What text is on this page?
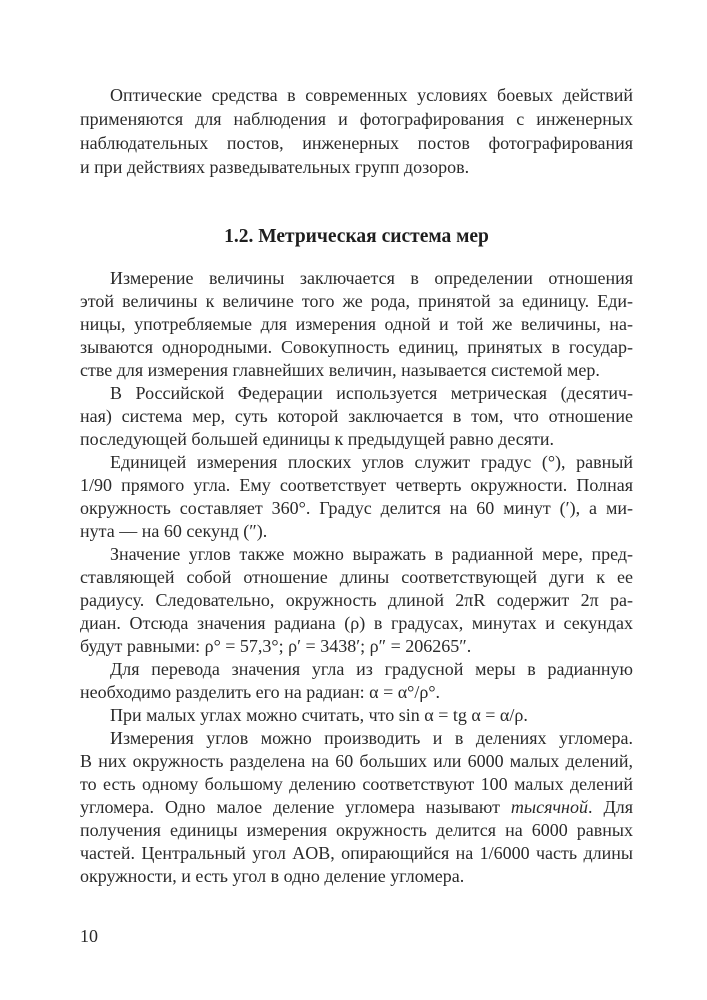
Оптические средства в современных условиях боевых действий
применяются для наблюдения и фотографирования с инженерных
наблюдательных постов, инженерных постов фотографирования
и при действиях разведывательных групп дозоров.
1.2. Метрическая система мер
Измерение величины заключается в определении отношения
этой величины к величине того же рода, принятой за единицу. Еди-
ницы, употребляемые для измерения одной и той же величины, на-
зываются однородными. Совокупность единиц, принятых в государ-
стве для измерения главнейших величин, называется системой мер.
В Российской Федерации используется метрическая (десятич-
ная) система мер, суть которой заключается в том, что отношение
последующей большей единицы к предыдущей равно десяти.
Единицей измерения плоских углов служит градус (°), равный
1/90 прямого угла. Ему соответствует четверть окружности. Полная
окружность составляет 360°. Градус делится на 60 минут (′), а ми-
нута — на 60 секунд (″).
Значение углов также можно выражать в радианной мере, пред-
ставляющей собой отношение длины соответствующей дуги к ее
радиусу. Следовательно, окружность длиной 2πR содержит 2π ра-
диан. Отсюда значения радиана (ρ) в градусах, минутах и секундах
будут равными: ρ° = 57,3°; ρ′ = 3438′; ρ″ = 206265″.
Для перевода значения угла из градусной меры в радианную
необходимо разделить его на радиан: α = α°/ρ°.
При малых углах можно считать, что sin α = tg α = α/ρ.
Измерения углов можно производить и в делениях угломера.
В них окружность разделена на 60 больших или 6000 малых делений,
то есть одному большому делению соответствуют 100 малых делений
угломера. Одно малое деление угломера называют тысячной. Для
получения единицы измерения окружность делится на 6000 равных
частей. Центральный угол AOB, опирающийся на 1/6000 часть длины
окружности, и есть угол в одно деление угломера.
10
